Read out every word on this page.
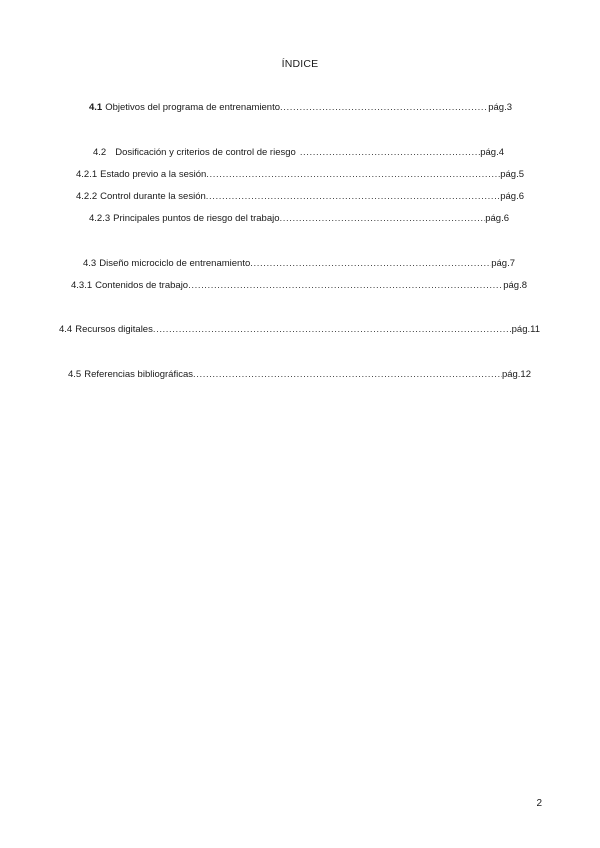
ÍNDICE
4.1 Objetivos del programa de entrenamiento .....	pág.3
4.2 Dosificación y criterios de control de riesgo .....	pág.4
4.2.1 Estado previo a la sesión .....	pág.5
4.2.2 Control durante la sesión .....	pág.6
4.2.3 Principales puntos de riesgo del trabajo .....	pág.6
4.3 Diseño microciclo de entrenamiento .....	pág.7
4.3.1 Contenidos de trabajo .....	pág.8
4.4 Recursos digitales .....	pág.11
4.5 Referencias bibliográficas .....	pág.12
2
